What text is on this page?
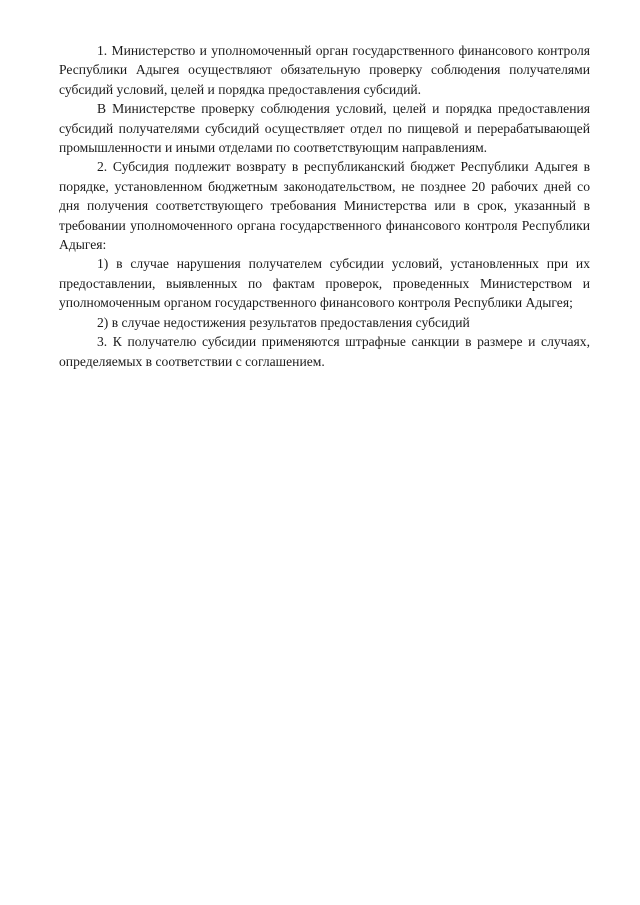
1. Министерство и уполномоченный орган государственного финансового контроля Республики Адыгея осуществляют обязательную проверку соблюдения получателями субсидий условий, целей и порядка предоставления субсидий.

В Министерстве проверку соблюдения условий, целей и порядка предоставления субсидий получателями субсидий осуществляет отдел по пищевой и перерабатывающей промышленности и иными отделами по соответствующим направлениям.

2. Субсидия подлежит возврату в республиканский бюджет Республики Адыгея в порядке, установленном бюджетным законодательством, не позднее 20 рабочих дней со дня получения соответствующего требования Министерства или в срок, указанный в требовании уполномоченного органа государственного финансового контроля Республики Адыгея:

1) в случае нарушения получателем субсидии условий, установленных при их предоставлении, выявленных по фактам проверок, проведенных Министерством и уполномоченным органом государственного финансового контроля Республики Адыгея;

2) в случае недостижения результатов предоставления субсидий

3. К получателю субсидии применяются штрафные санкции в размере и случаях, определяемых в соответствии с соглашением.
